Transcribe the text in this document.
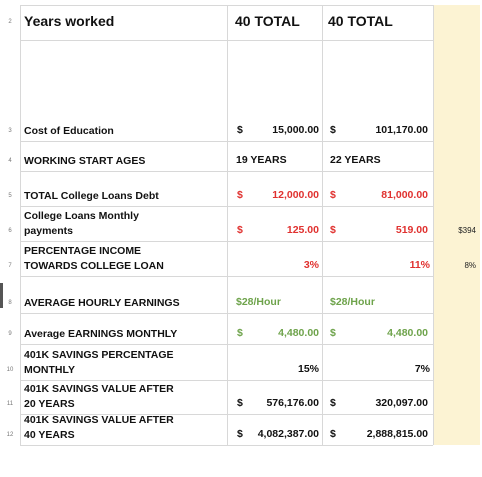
2 Years worked	40 TOTAL 40 TOTAL
3	Cost of Education	$	15,000.00 $	101,170.00
4	WORKING START AGES	19 YEARS	22 YEARS
5	TOTAL College Loans Debt	$	12,000.00 $	81,000.00
6
College Loans Monthly
payments	$	125.00 $	519.00	$394
7
PERCENTAGE INCOME
TOWARDS COLLEGE LOAN	3%	11%	8%
8	AVERAGE HOURLY EARNINGS	$28/Hour	$28/Hour
9	Average EARNINGS MONTHLY	$	4,480.00 $	4,480.00
10
401K SAVINGS PERCENTAGE
MONTHLY	15%	7%
11
401K SAVINGS VALUE AFTER
20 YEARS	$ 576,176.00 $	320,097.00
12
401K SAVINGS VALUE AFTER
40 YEARS	$ 4,082,387.00 $	2,888,815.00
